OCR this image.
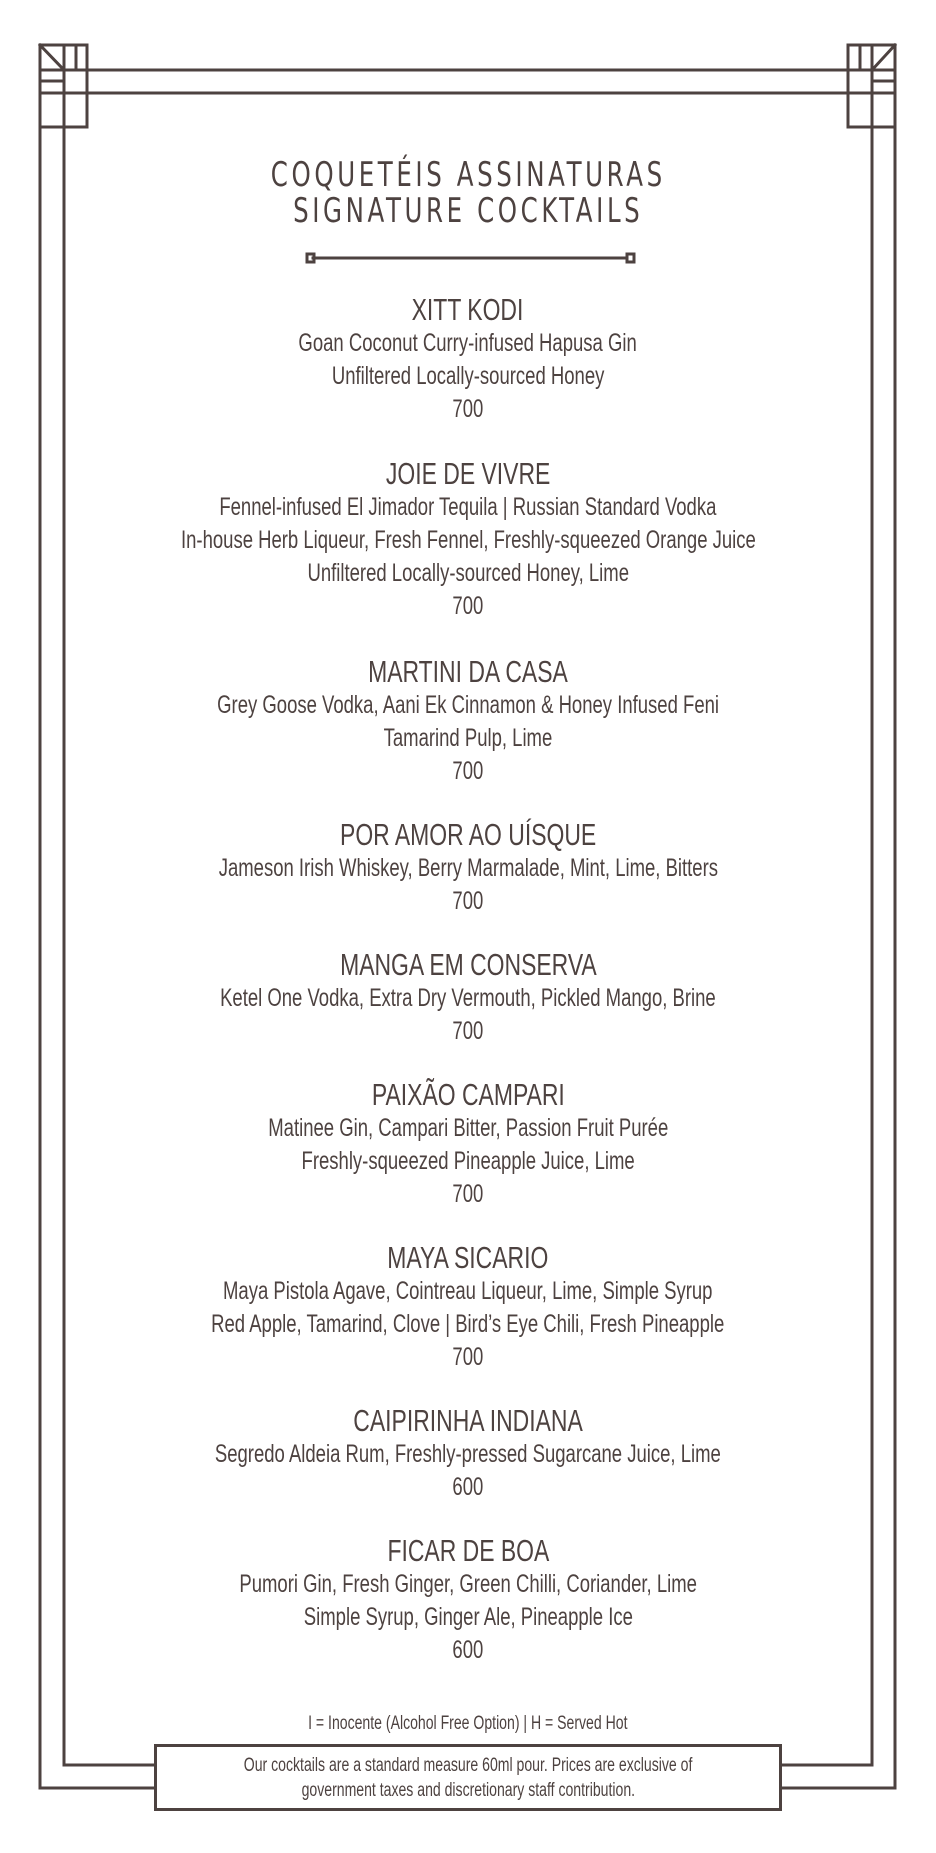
COQUETÉIS ASSINATURAS
SIGNATURE COCKTAILS
XITT KODI
Goan Coconut Curry-infused Hapusa Gin
Unfiltered Locally-sourced Honey
700
JOIE DE VIVRE
Fennel-infused El Jimador Tequila | Russian Standard Vodka
In-house Herb Liqueur, Fresh Fennel, Freshly-squeezed Orange Juice
Unfiltered Locally-sourced Honey, Lime
700
MARTINI DA CASA
Grey Goose Vodka, Aani Ek Cinnamon & Honey Infused Feni
Tamarind Pulp, Lime
700
POR AMOR AO UÍSQUE
Jameson Irish Whiskey, Berry Marmalade, Mint, Lime, Bitters
700
MANGA EM CONSERVA
Ketel One Vodka, Extra Dry Vermouth, Pickled Mango, Brine
700
PAIXÃO CAMPARI
Matinee Gin, Campari Bitter, Passion Fruit Purée
Freshly-squeezed Pineapple Juice, Lime
700
MAYA SICARIO
Maya Pistola Agave, Cointreau Liqueur, Lime, Simple Syrup
Red Apple, Tamarind, Clove | Bird’s Eye Chili, Fresh Pineapple
700
CAIPIRINHA INDIANA
Segredo Aldeia Rum, Freshly-pressed Sugarcane Juice, Lime
600
FICAR DE BOA
Pumori Gin, Fresh Ginger, Green Chilli, Coriander, Lime
Simple Syrup, Ginger Ale, Pineapple Ice
600
I = Inocente (Alcohol Free Option) | H = Served Hot
Our cocktails are a standard measure 60ml pour. Prices are exclusive of
government taxes and discretionary staff contribution.
